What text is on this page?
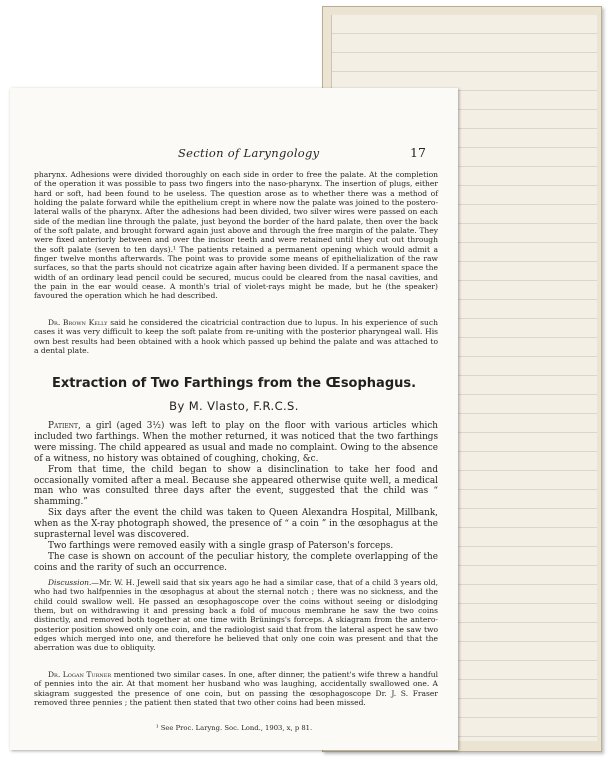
Section of Laryngology	17

pharynx. Adhesions were divided thoroughly on each side in order to free the palate. At the completion of the operation it was possible to pass two fingers into the naso-pharynx. The insertion of plugs, either hard or soft, had been found to be useless. The question arose as to whether there was a method of holding the palate forward while the epithelium crept in where now the palate was joined to the postero-lateral walls of the pharynx. After the adhesions had been divided, two silver wires were passed on each side of the median line through the palate, just beyond the border of the hard palate, then over the back of the soft palate, and brought forward again just above and through the free margin of the palate. They were fixed anteriorly between and over the incisor teeth and were retained until they cut out through the soft palate (seven to ten days).¹ The patients retained a permanent opening which would admit a finger twelve months afterwards. The point was to provide some means of epithelialization of the raw surfaces, so that the parts should not cicatrize again after having been divided. If a permanent space the width of an ordinary lead pencil could be secured, mucus could be cleared from the nasal cavities, and the pain in the ear would cease. A month's trial of violet-rays might be made, but he (the speaker) favoured the operation which he had described.

Dr. Brown Kelly said he considered the cicatricial contraction due to lupus. In his experience of such cases it was very difficult to keep the soft palate from re-uniting with the posterior pharyngeal wall. His own best results had been obtained with a hook which passed up behind the palate and was attached to a dental plate.

Extraction of Two Farthings from the Œsophagus.
By M. Vlasto, F.R.C.S.

Patient, a girl (aged 3½) was left to play on the floor with various articles which included two farthings. When the mother returned, it was noticed that the two farthings were missing. The child appeared as usual and made no complaint. Owing to the absence of a witness, no history was obtained of coughing, choking, &c.

From that time, the child began to show a disinclination to take her food and occasionally vomited after a meal. Because she appeared otherwise quite well, a medical man who was consulted three days after the event, suggested that the child was “ shamming.”

Six days after the event the child was taken to Queen Alexandra Hospital, Millbank, when as the X-ray photograph showed, the presence of “ a coin ” in the œsophagus at the suprasternal level was discovered.

Two farthings were removed easily with a single grasp of Paterson's forceps.

The case is shown on account of the peculiar history, the complete overlapping of the coins and the rarity of such an occurrence.

Discussion.—Mr. W. H. Jewell said that six years ago he had a similar case, that of a child 3 years old, who had two halfpennies in the œsophagus at about the sternal notch ; there was no sickness, and the child could swallow well. He passed an œsophagoscope over the coins without seeing or dislodging them, but on withdrawing it and pressing back a fold of mucous membrane he saw the two coins distinctly, and removed both together at one time with Brünings's forceps. A skiagram from the antero-posterior position showed only one coin, and the radiologist said that from the lateral aspect he saw two edges which merged into one, and therefore he believed that only one coin was present and that the aberration was due to obliquity.

Dr. Logan Turner mentioned two similar cases. In one, after dinner, the patient's wife threw a handful of pennies into the air. At that moment her husband who was laughing, accidentally swallowed one. A skiagram suggested the presence of one coin, but on passing the œsophagoscope Dr. J. S. Fraser removed three pennies ; the patient then stated that two other coins had been missed.

¹ See Proc. Laryng. Soc. Lond., 1903, x, p 81.
